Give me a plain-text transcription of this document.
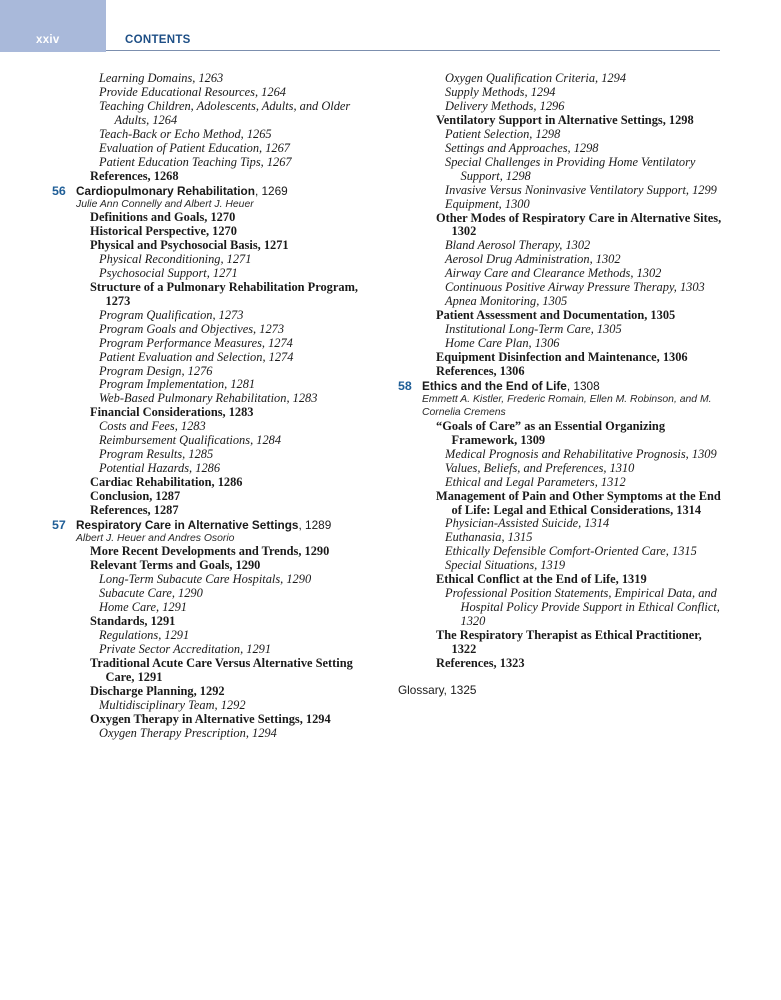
xxiv	CONTENTS
Learning Domains, 1263
Provide Educational Resources, 1264
Teaching Children, Adolescents, Adults, and Older Adults, 1264
Teach-Back or Echo Method, 1265
Evaluation of Patient Education, 1267
Patient Education Teaching Tips, 1267
References, 1268
56 Cardiopulmonary Rehabilitation, 1269
Julie Ann Connelly and Albert J. Heuer
Definitions and Goals, 1270
Historical Perspective, 1270
Physical and Psychosocial Basis, 1271
Physical Reconditioning, 1271
Psychosocial Support, 1271
Structure of a Pulmonary Rehabilitation Program, 1273
Program Qualification, 1273
Program Goals and Objectives, 1273
Program Performance Measures, 1274
Patient Evaluation and Selection, 1274
Program Design, 1276
Program Implementation, 1281
Web-Based Pulmonary Rehabilitation, 1283
Financial Considerations, 1283
Costs and Fees, 1283
Reimbursement Qualifications, 1284
Program Results, 1285
Potential Hazards, 1286
Cardiac Rehabilitation, 1286
Conclusion, 1287
References, 1287
57 Respiratory Care in Alternative Settings, 1289
Albert J. Heuer and Andres Osorio
More Recent Developments and Trends, 1290
Relevant Terms and Goals, 1290
Long-Term Subacute Care Hospitals, 1290
Subacute Care, 1290
Home Care, 1291
Standards, 1291
Regulations, 1291
Private Sector Accreditation, 1291
Traditional Acute Care Versus Alternative Setting Care, 1291
Discharge Planning, 1292
Multidisciplinary Team, 1292
Oxygen Therapy in Alternative Settings, 1294
Oxygen Therapy Prescription, 1294
Oxygen Qualification Criteria, 1294
Supply Methods, 1294
Delivery Methods, 1296
Ventilatory Support in Alternative Settings, 1298
Patient Selection, 1298
Settings and Approaches, 1298
Special Challenges in Providing Home Ventilatory Support, 1298
Invasive Versus Noninvasive Ventilatory Support, 1299
Equipment, 1300
Other Modes of Respiratory Care in Alternative Sites, 1302
Bland Aerosol Therapy, 1302
Aerosol Drug Administration, 1302
Airway Care and Clearance Methods, 1302
Continuous Positive Airway Pressure Therapy, 1303
Apnea Monitoring, 1305
Patient Assessment and Documentation, 1305
Institutional Long-Term Care, 1305
Home Care Plan, 1306
Equipment Disinfection and Maintenance, 1306
References, 1306
58 Ethics and the End of Life, 1308
Emmett A. Kistler, Frederic Romain, Ellen M. Robinson, and M. Cornelia Cremens
“Goals of Care” as an Essential Organizing Framework, 1309
Medical Prognosis and Rehabilitative Prognosis, 1309
Values, Beliefs, and Preferences, 1310
Ethical and Legal Parameters, 1312
Management of Pain and Other Symptoms at the End of Life: Legal and Ethical Considerations, 1314
Physician-Assisted Suicide, 1314
Euthanasia, 1315
Ethically Defensible Comfort-Oriented Care, 1315
Special Situations, 1319
Ethical Conflict at the End of Life, 1319
Professional Position Statements, Empirical Data, and Hospital Policy Provide Support in Ethical Conflict, 1320
The Respiratory Therapist as Ethical Practitioner, 1322
References, 1323
Glossary, 1325
